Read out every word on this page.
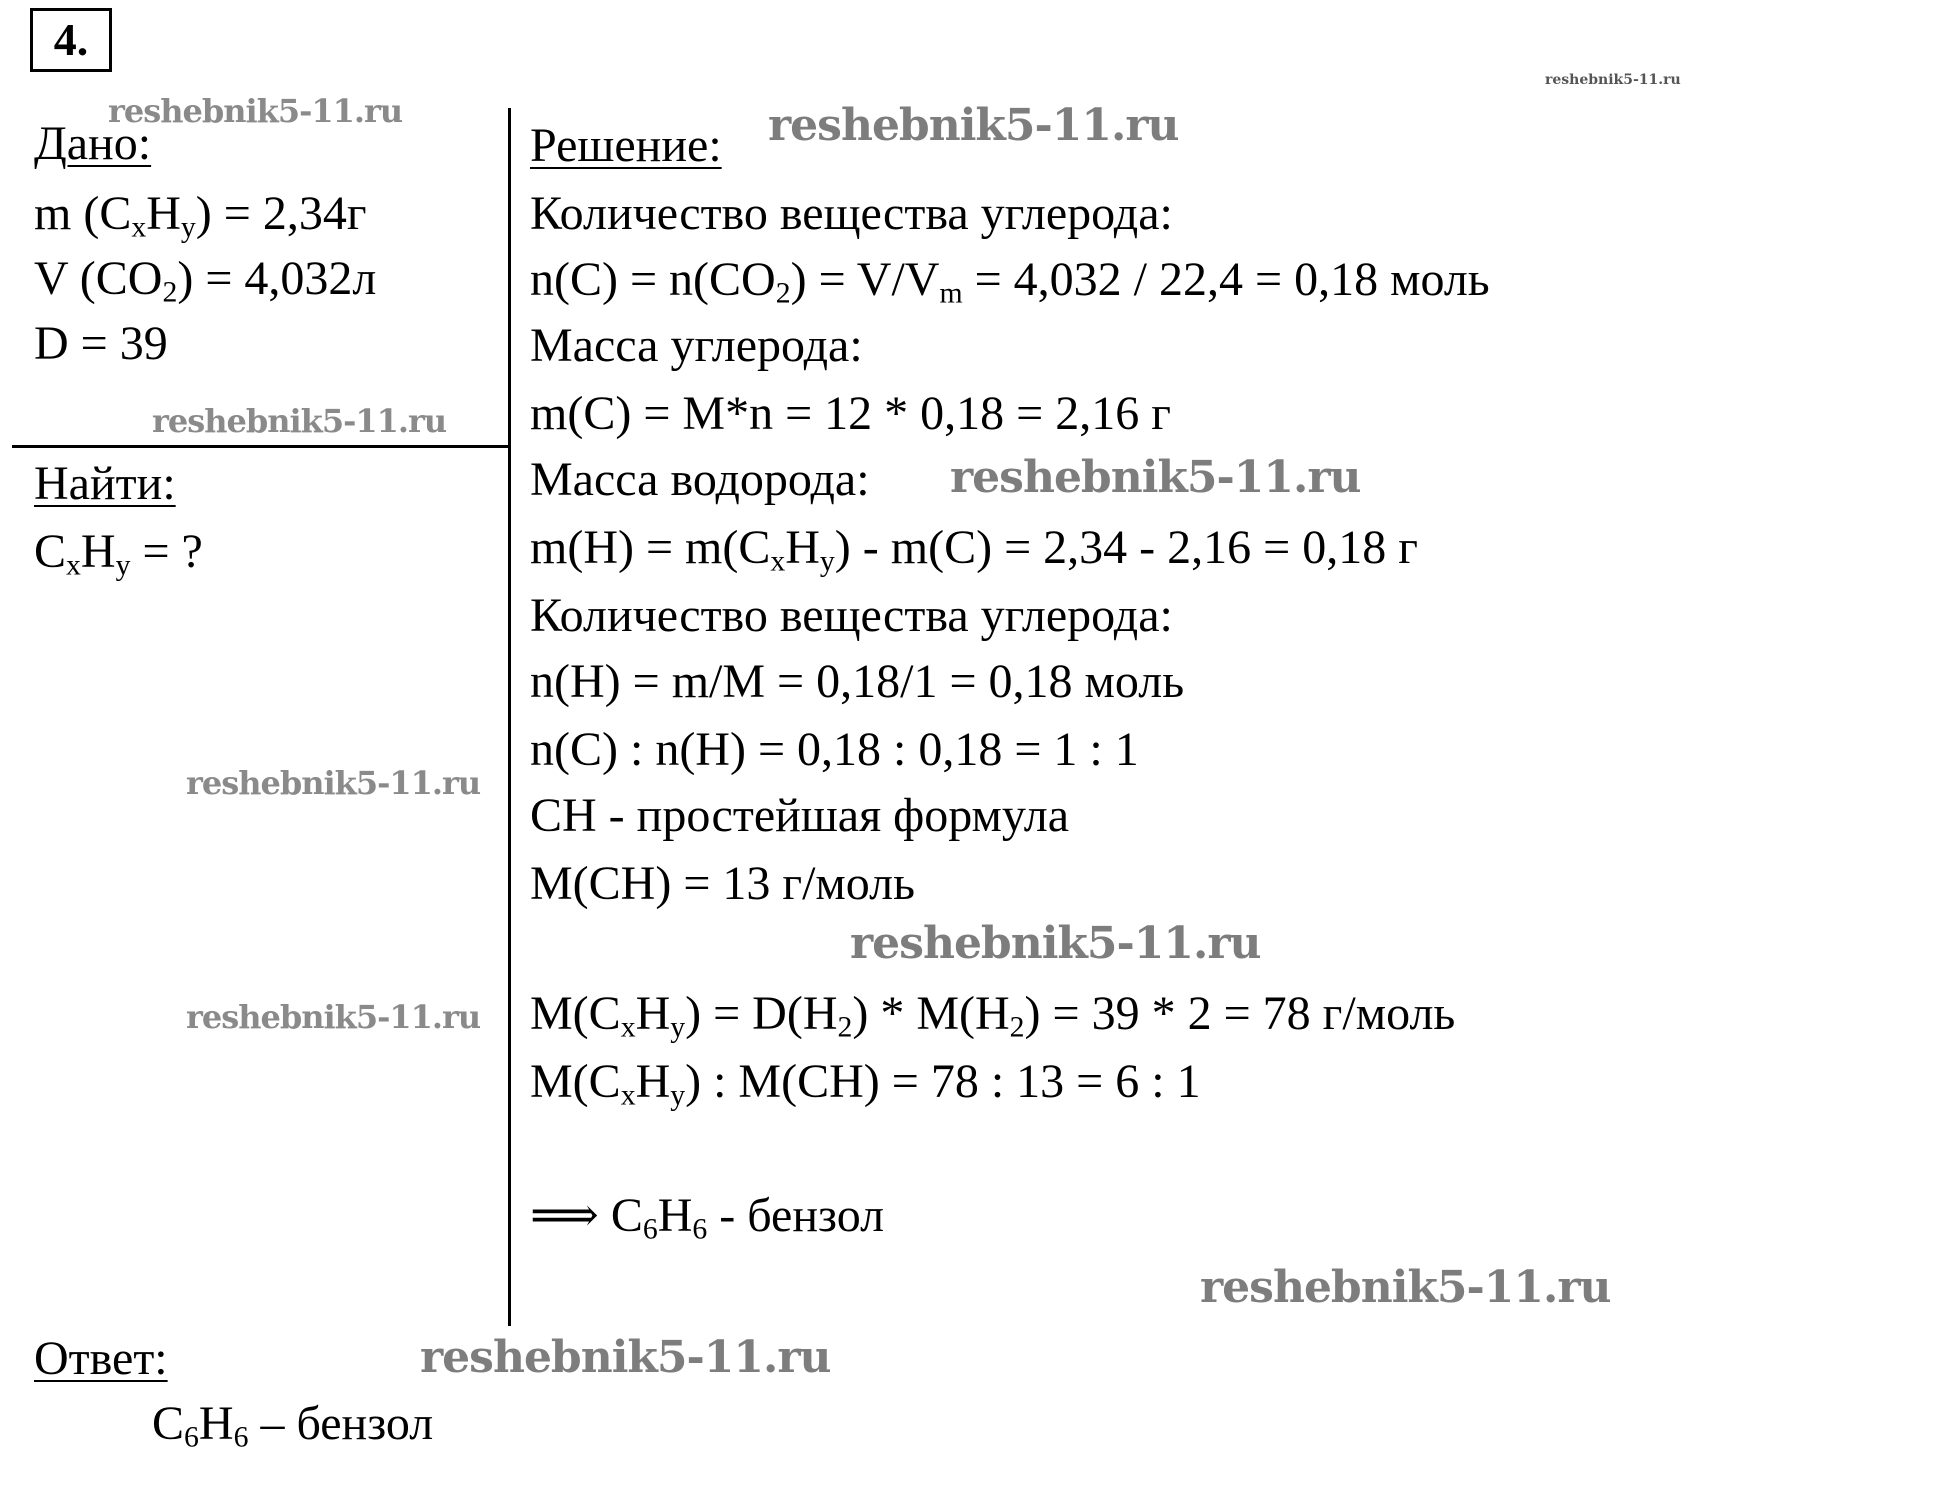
4.
Дано:
m $(C_xH_y) = 2,34г$
V $(CO_2) = 4,032л$
D = 39
Найти:
$C_xH_y$ = ?
Ответ:
$C_6H_6$ – бензол
Решение:
Количество вещества углерода:
$n(C) = n(CO_2) = V/V_m = 4,032 / 22,4 = 0,18$ моль
Масса углерода:
m(C) = M*n = 12 * 0,18 = 2,16 г
Масса водорода:
$m(H) = m(C_xH_y) - m(C) = 2,34 - 2,16 = 0,18$ г
Количество вещества углерода:
n(H) = m/M = 0,18/1 = 0,18 моль
n(C) : n(H) = 0,18 : 0,18 = 1 : 1
CH - простейшая формула
M(CH) = 13 г/моль
$M(C_xH_y) = D(H_2) * M(H_2) = 39 * 2 = 78$ г/моль
$M(C_xH_y)$ : M(CH) = 78 : 13 = 6 : 1
⟹ $C_6H_6$ - бензол
reshebnik5-11.ru
reshebnik5-11.ru	reshebnik5-11.ru
reshebnik5-11.ru
reshebnik5-11.ru
reshebnik5-11.ru
reshebnik5-11.ru
reshebnik5-11.ru
reshebnik5-11.ru
reshebnik5-11.ru
